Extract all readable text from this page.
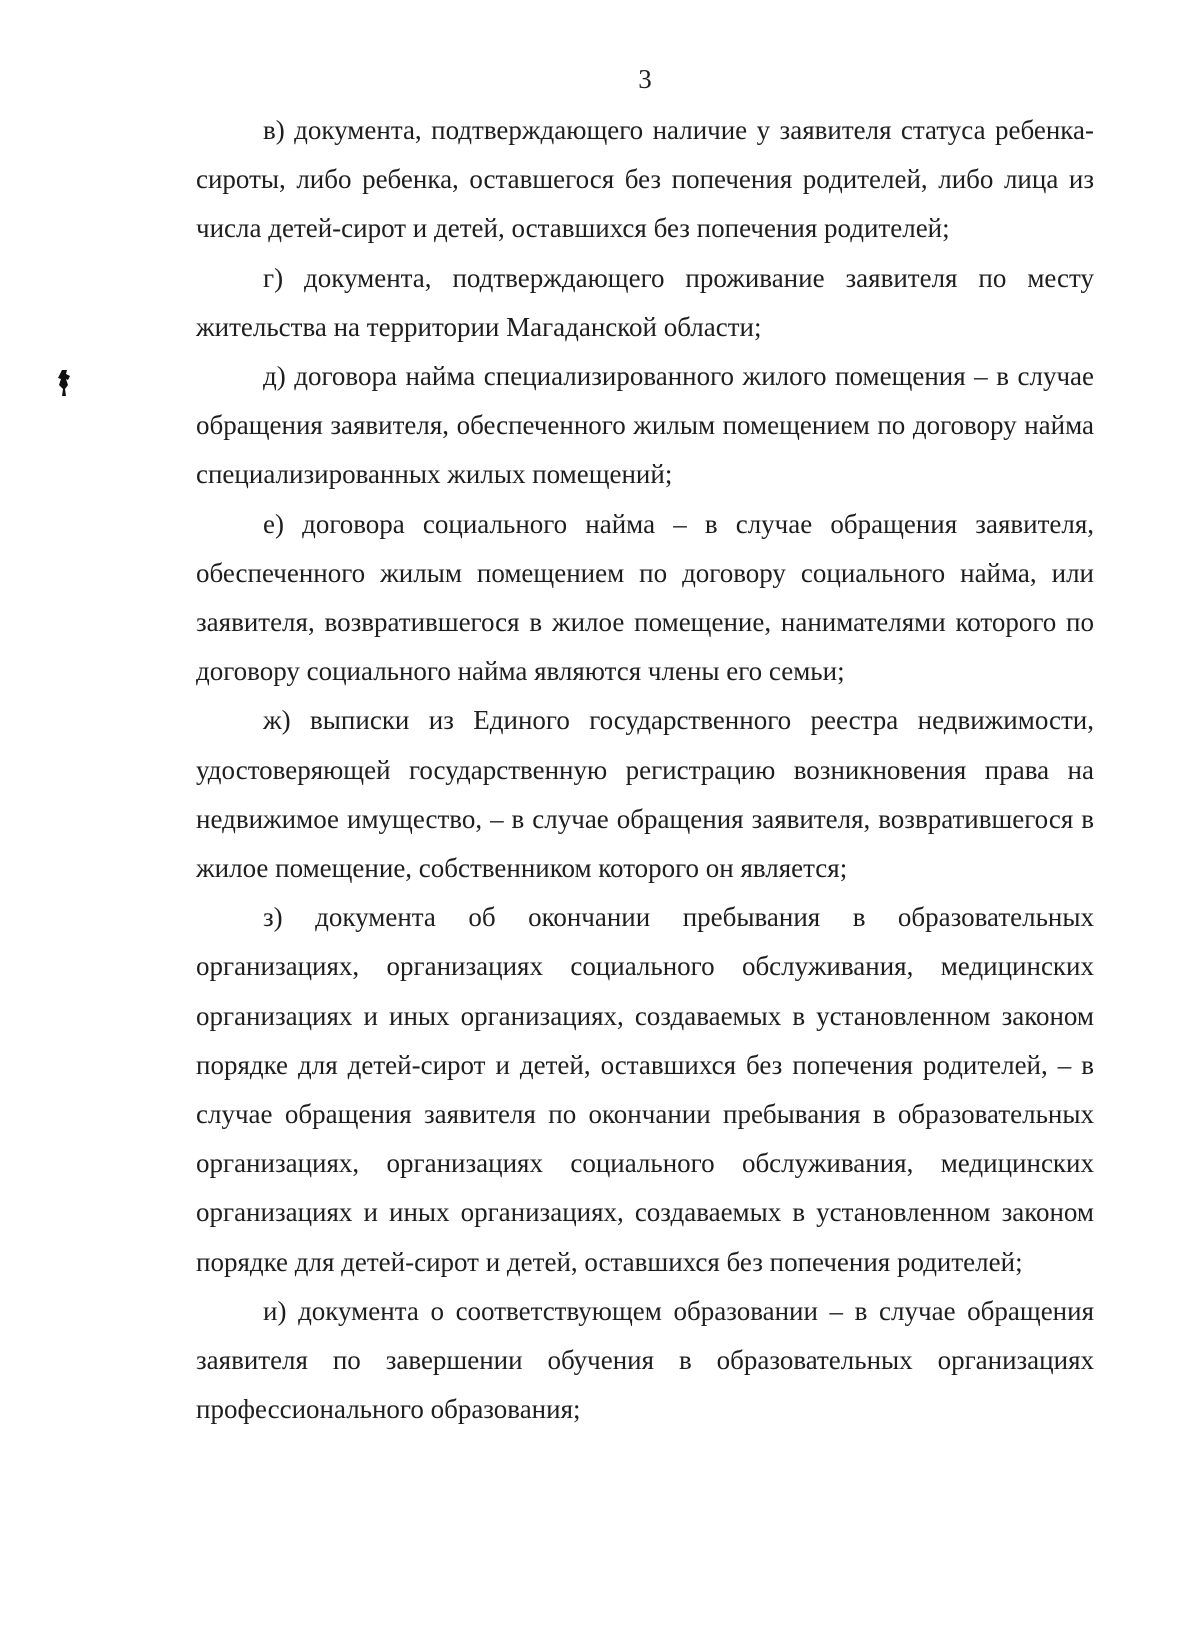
3

в) документа, подтверждающего наличие у заявителя статуса ребенка-сироты, либо ребенка, оставшегося без попечения родителей, либо лица из числа детей-сирот и детей, оставшихся без попечения родителей;

г) документа, подтверждающего проживание заявителя по месту жительства на территории Магаданской области;

д) договора найма специализированного жилого помещения – в случае обращения заявителя, обеспеченного жилым помещением по договору найма специализированных жилых помещений;

е) договора социального найма – в случае обращения заявителя, обеспеченного жилым помещением по договору социального найма, или заявителя, возвратившегося в жилое помещение, нанимателями которого по договору социального найма являются члены его семьи;

ж) выписки из Единого государственного реестра недвижимости, удостоверяющей государственную регистрацию возникновения права на недвижимое имущество, – в случае обращения заявителя, возвратившегося в жилое помещение, собственником которого он является;

з) документа об окончании пребывания в образовательных организациях, организациях социального обслуживания, медицинских организациях и иных организациях, создаваемых в установленном законом порядке для детей-сирот и детей, оставшихся без попечения родителей, – в случае обращения заявителя по окончании пребывания в образовательных организациях, организациях социального обслуживания, медицинских организациях и иных организациях, создаваемых в установленном законом порядке для детей-сирот и детей, оставшихся без попечения родителей;

и) документа о соответствующем образовании – в случае обращения заявителя по завершении обучения в образовательных организациях профессионального образования;
